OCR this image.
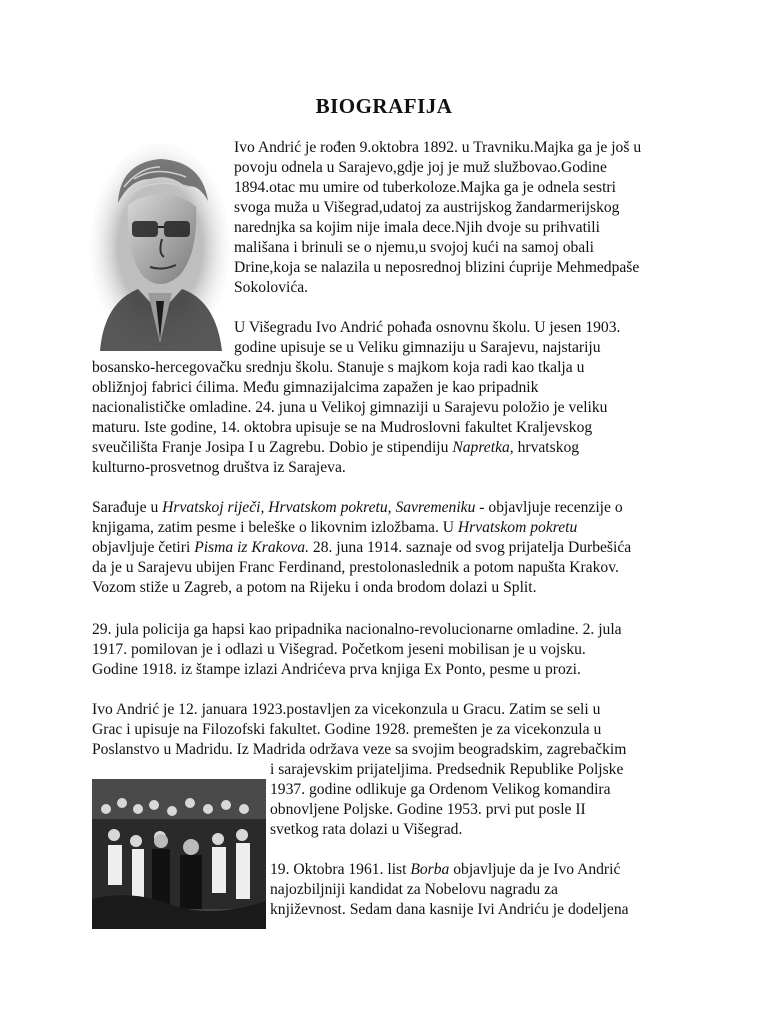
BIOGRAFIJA
Ivo Andrić je rođen 9.oktobra 1892. u Travniku.Majka ga je još u
povoju odnela u Sarajevo,gdje joj je muž službovao.Godine
1894.otac mu umire od tuberkoloze.Majka ga je odnela sestri
svoga muža u Višegrad,udatoj za austrijskog žandarmerijskog
narednjka sa kojim nije imala dece.Njih dvoje su prihvatili
mališana i brinuli se o njemu,u svojoj kući na samoj obali
Drine,koja se nalazila u neposrednoj blizini ćuprije Mehmedpaše
Sokolovića.
U Višegradu Ivo Andrić pohađa osnovnu školu. U jesen 1903.
godine upisuje se u Veliku gimnaziju u Sarajevu, najstariju
bosansko-hercegovačku srednju školu. Stanuje s majkom koja radi kao tkalja u
obližnjoj fabrici ćilima. Među gimnazijalcima zapažen je kao pripadnik
nacionalističke omladine. 24. juna u Velikoj gimnaziji u Sarajevu položio je veliku
maturu. Iste godine, 14. oktobra upisuje se na Mudroslovni fakultet Kraljevskog
sveučilišta Franje Josipa I u Zagrebu. Dobio je stipendiju Napretka, hrvatskog
kulturno-prosvetnog društva iz Sarajeva.
Sarađuje u Hrvatskoj riječi, Hrvatskom pokretu, Savremeniku - objavljuje recenzije o
knjigama, zatim pesme i beleške o likovnim izložbama. U Hrvatskom pokretu
objavljuje četiri Pisma iz Krakova. 28. juna 1914. saznaje od svog prijatelja Durbešića
da je u Sarajevu ubijen Franc Ferdinand, prestolonaslednik a potom napušta Krakov.
Vozom stiže u Zagreb, a potom na Rijeku i onda brodom dolazi u Split.
29. jula policija ga hapsi kao pripadnika nacionalno-revolucionarne omladine. 2. jula
1917. pomilovan je i odlazi u Višegrad. Početkom jeseni mobilisan je u vojsku.
Godine 1918. iz štampe izlazi Andrićeva prva knjiga Ex Ponto, pesme u prozi.
Ivo Andrić je 12. januara 1923.postavljen za vicekonzula u Gracu. Zatim se seli u
Grac i upisuje na Filozofski fakultet. Godine 1928. premešten je za vicekonzula u
Poslanstvo u Madridu. Iz Madrida održava veze sa svojim beogradskim, zagrebačkim
i sarajevskim prijateljima. Predsednik Republike Poljske
1937. godine odlikuje ga Ordenom Velikog komandira
obnovljene Poljske. Godine 1953. prvi put posle II
svetkog rata dolazi u Višegrad.
19. Oktobra 1961. list Borba objavljuje da je Ivo Andrić
najozbiljniji kandidat za Nobelovu nagradu za
književnost. Sedam dana kasnije Ivi Andriću je dodeljena
